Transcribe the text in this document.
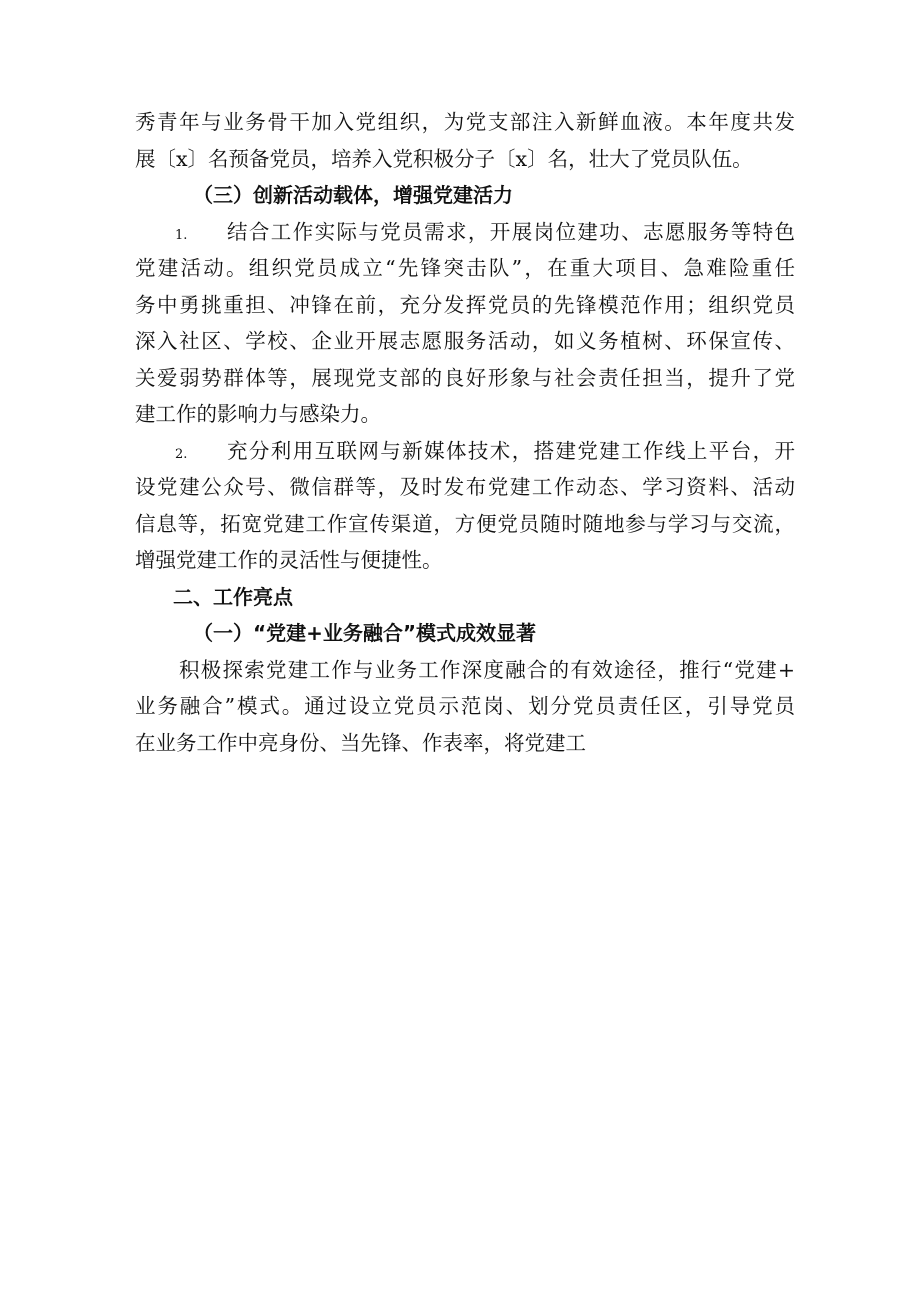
秀青年与业务骨干加入党组织，为党支部注入新鲜血液。本年度共发
展〔x〕名预备党员，培养入党积极分子〔x〕名，壮大了党员队伍。
（三）创新活动载体，增强党建活力
1.	结合工作实际与党员需求，开展岗位建功、志愿服务等特色
党建活动。组织党员成立“先锋突击队”，在重大项目、急难险重任
务中勇挑重担、冲锋在前，充分发挥党员的先锋模范作用；组织党员
深入社区、学校、企业开展志愿服务活动，如义务植树、环保宣传、
关爱弱势群体等，展现党支部的良好形象与社会责任担当，提升了党
建工作的影响力与感染力。
2.	充分利用互联网与新媒体技术，搭建党建工作线上平台，开
设党建公众号、微信群等，及时发布党建工作动态、学习资料、活动
信息等，拓宽党建工作宣传渠道，方便党员随时随地参与学习与交流，
增强党建工作的灵活性与便捷性。
二、工作亮点
（一）“党建+业务融合”模式成效显著
积极探索党建工作与业务工作深度融合的有效途径，推行“党建+
业务融合”模式。通过设立党员示范岗、划分党员责任区，引导党员
在业务工作中亮身份、当先锋、作表率，将党建工
